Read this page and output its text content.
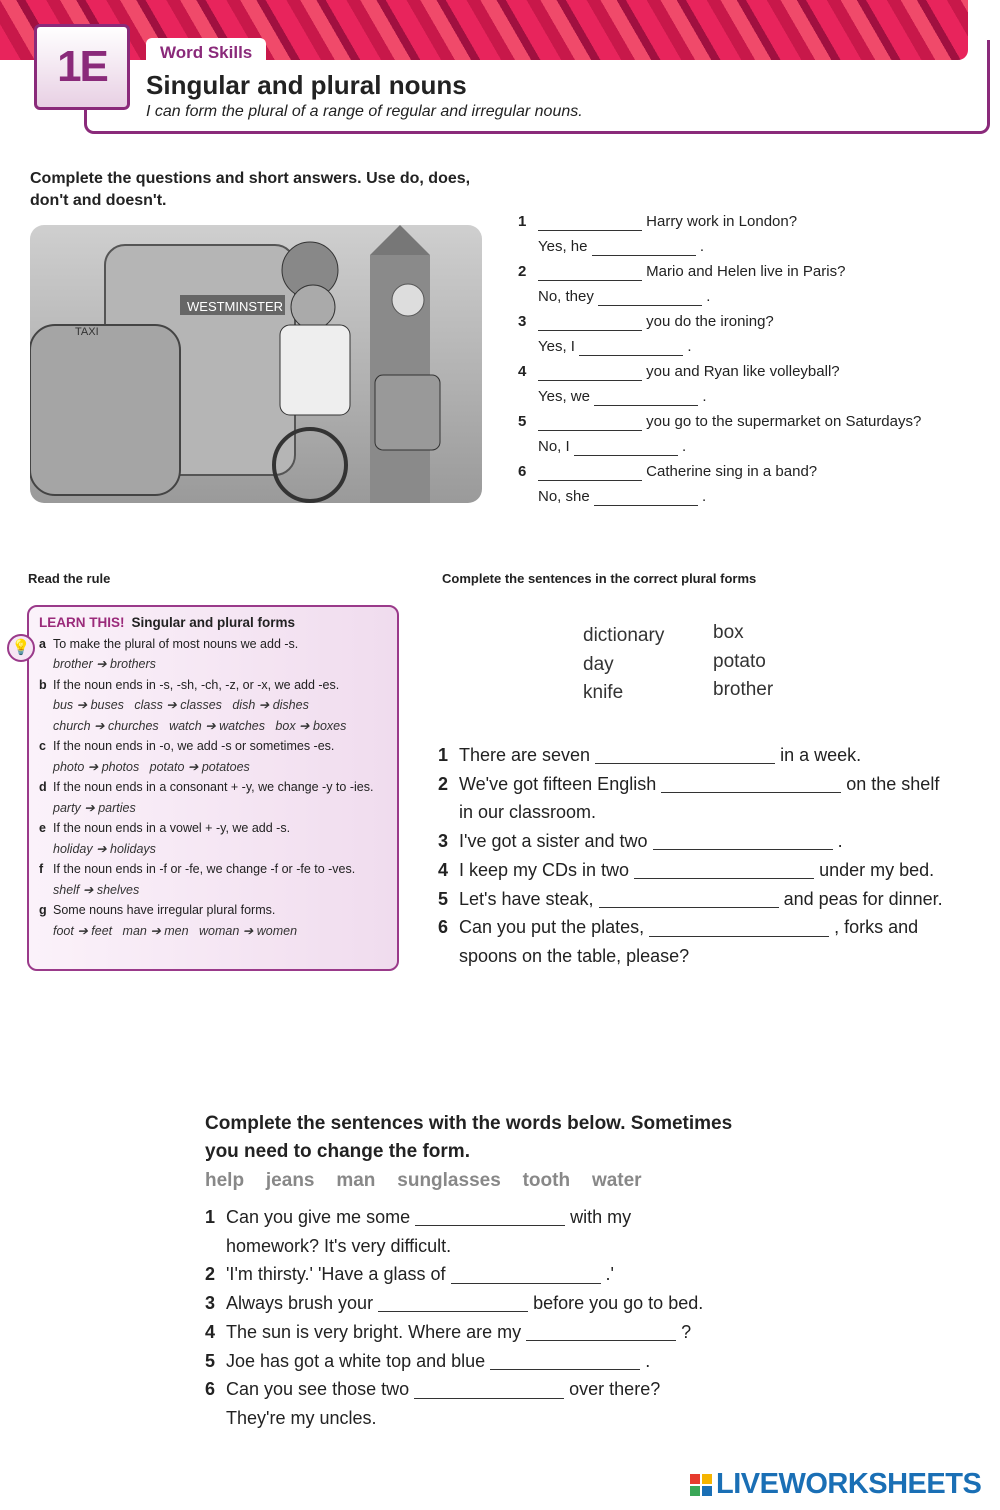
1E	Word Skills
Singular and plural nouns
I can form the plural of a range of regular and irregular nouns.
Complete the questions and short answers. Use do, does,
don't and doesn't.
WESTMINSTER
TAXI
1	Harry work in London?
Yes, he	.
2	Mario and Helen live in Paris?
No, they	.
3	you do the ironing?
Yes, I	.
4	you and Ryan like volleyball?
Yes, we	.
5	you go to the supermarket on Saturdays?
No, I	.
6	Catherine sing in a band?
No, she	.
Read the rule	Complete the sentences in the correct plural forms
LEARN THIS! Singular and plural forms
a To make the plural of most nouns we add -s.
brother ➔ brothers
b If the noun ends in -s, -sh, -ch, -z, or -x, we add -es.
bus ➔ buses   class ➔ classes   dish ➔ dishes
church ➔ churches   watch ➔ watches   box ➔ boxes
c If the noun ends in -o, we add -s or sometimes -es.
photo ➔ photos   potato ➔ potatoes
d If the noun ends in a consonant + -y, we change -y to -ies.
party ➔ parties
e If the noun ends in a vowel + -y, we add -s.
holiday ➔ holidays
f If the noun ends in -f or -fe, we change -f or -fe to -ves.
shelf ➔ shelves
g Some nouns have irregular plural forms.
foot ➔ feet   man ➔ men   woman ➔ women
💡
dictionary
day
knife
box
potato
brother
1 There are seven	in a week.
2 We've got fifteen English	on the shelf
in our classroom.
3 I've got a sister and two	.
4 I keep my CDs in two	under my bed.
5 Let's have steak,	and peas for dinner.
6 Can you put the plates,	, forks and
spoons on the table, please?
Complete the sentences with the words below. Sometimes
you need to change the form.
help jeans man sunglasses tooth water
1 Can you give me some	with my
homework? It's very difficult.
2 'I'm thirsty.' 'Have a glass of	.'
3 Always brush your	before you go to bed.
4 The sun is very bright. Where are my	?
5 Joe has got a white top and blue	.
6 Can you see those two	over there?
They're my uncles.
LIVEWORKSHEETS
